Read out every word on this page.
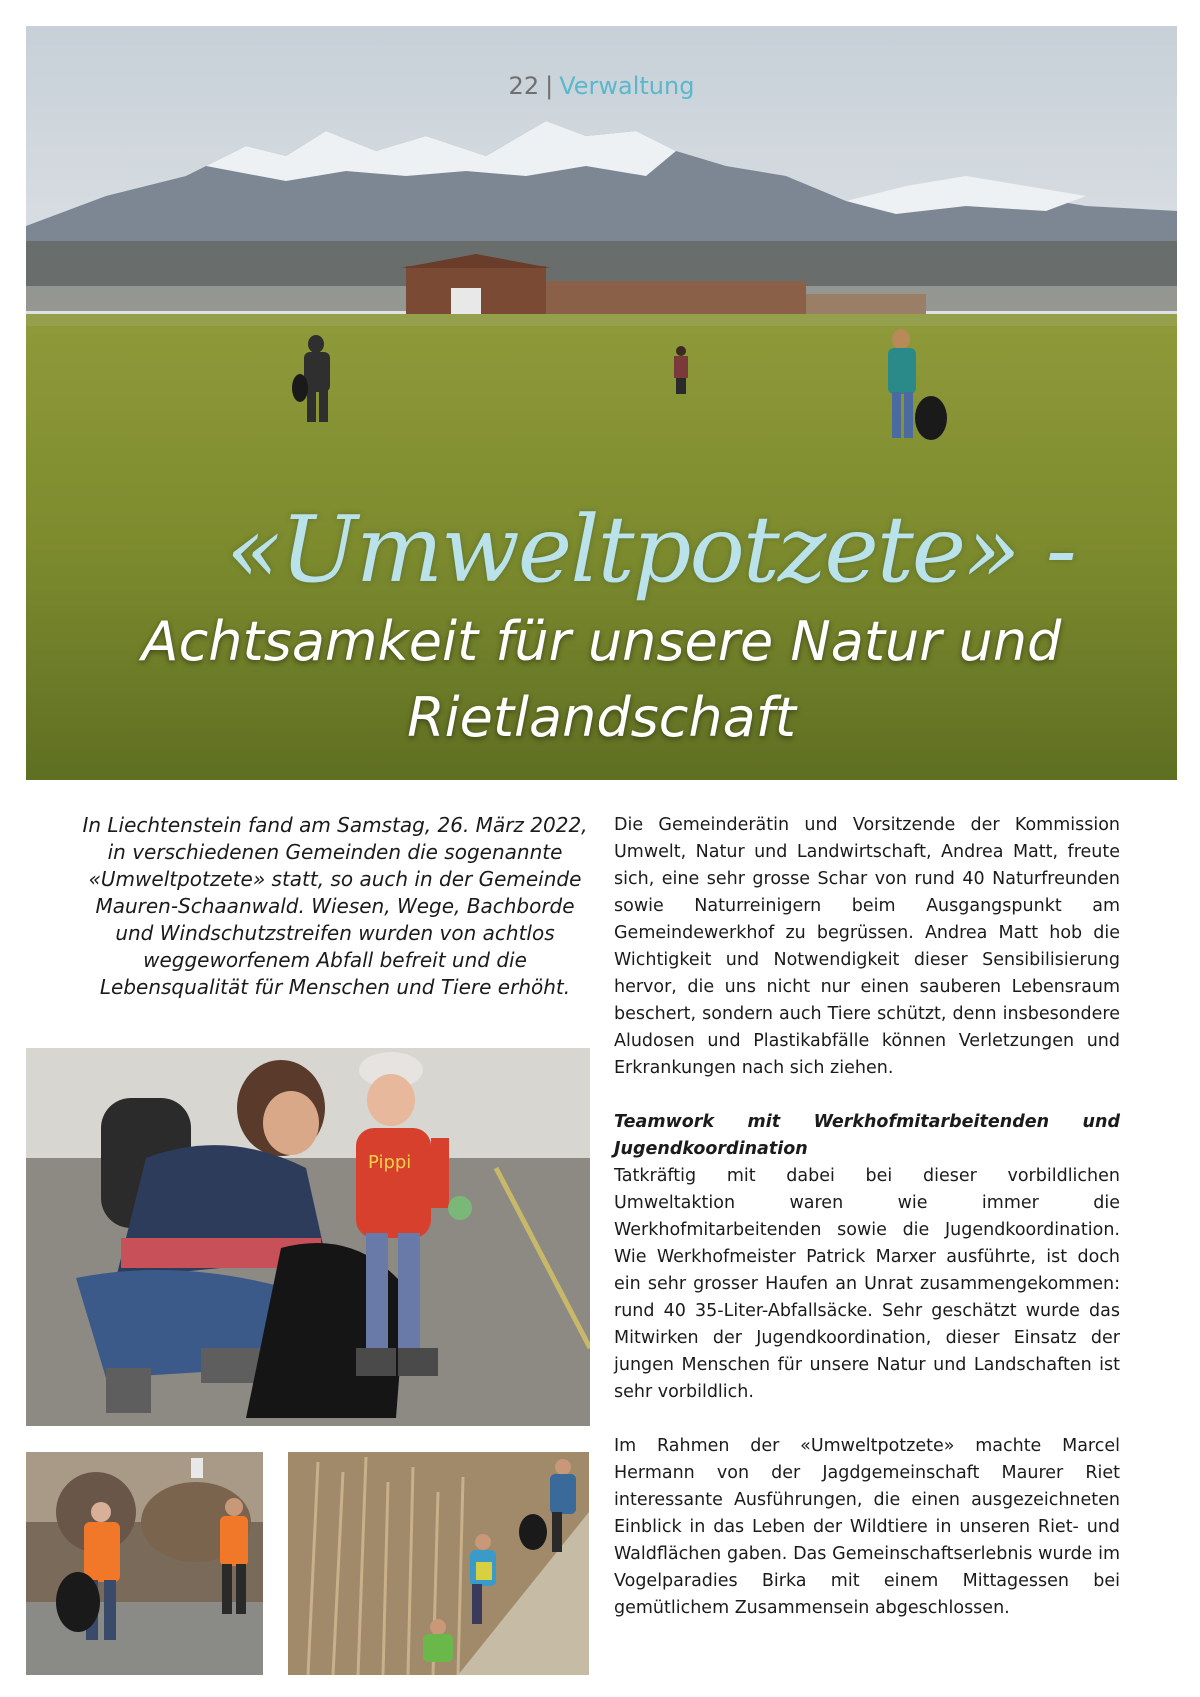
22 | Verwaltung
«Umweltpotzete» -
Achtsamkeit für unsere Natur und
Rietlandschaft
In Liechtenstein fand am Samstag, 26. März 2022, in verschiedenen Gemeinden die sogenannte «Umweltpotzete» statt, so auch in der Gemeinde Mauren-Schaanwald. Wiesen, Wege, Bachborde und Windschutzstreifen wurden von achtlos weggeworfenem Abfall befreit und die Lebensqualität für Menschen und Tiere erhöht.
Pippi

Die Gemeinderätin und Vorsitzende der Kommission Umwelt, Natur und Landwirtschaft, Andrea Matt, freute sich, eine sehr grosse Schar von rund 40 Naturfreunden sowie Naturreinigern beim Ausgangspunkt am Gemeindewerkhof zu begrüssen. Andrea Matt hob die Wichtigkeit und Notwendigkeit dieser Sensibilisierung hervor, die uns nicht nur einen sauberen Lebensraum beschert, sondern auch Tiere schützt, denn insbesondere Aludosen und Plastikabfälle können Verletzungen und Erkrankungen nach sich ziehen.

Teamwork mit Werkhofmitarbeitenden und Jugendkoordination

Tatkräftig mit dabei bei dieser vorbildlichen Umweltaktion waren wie immer die Werkhofmitarbeitenden sowie die Jugendkoordination. Wie Werkhofmeister Patrick Marxer ausführte, ist doch ein sehr grosser Haufen an Unrat zusammengekommen: rund 40 35-Liter-Abfallsäcke. Sehr geschätzt wurde das Mitwirken der Jugendkoordination, dieser Einsatz der jungen Menschen für unsere Natur und Landschaften ist sehr vorbildlich.

Im Rahmen der «Umweltpotzete» machte Marcel Hermann von der Jagdgemeinschaft Maurer Riet interessante Ausführungen, die einen ausgezeichneten Einblick in das Leben der Wildtiere in unseren Riet- und Waldflächen gaben. Das Gemeinschaftserlebnis wurde im Vogelparadies Birka mit einem Mittagessen bei gemütlichem Zusammensein abgeschlossen.
